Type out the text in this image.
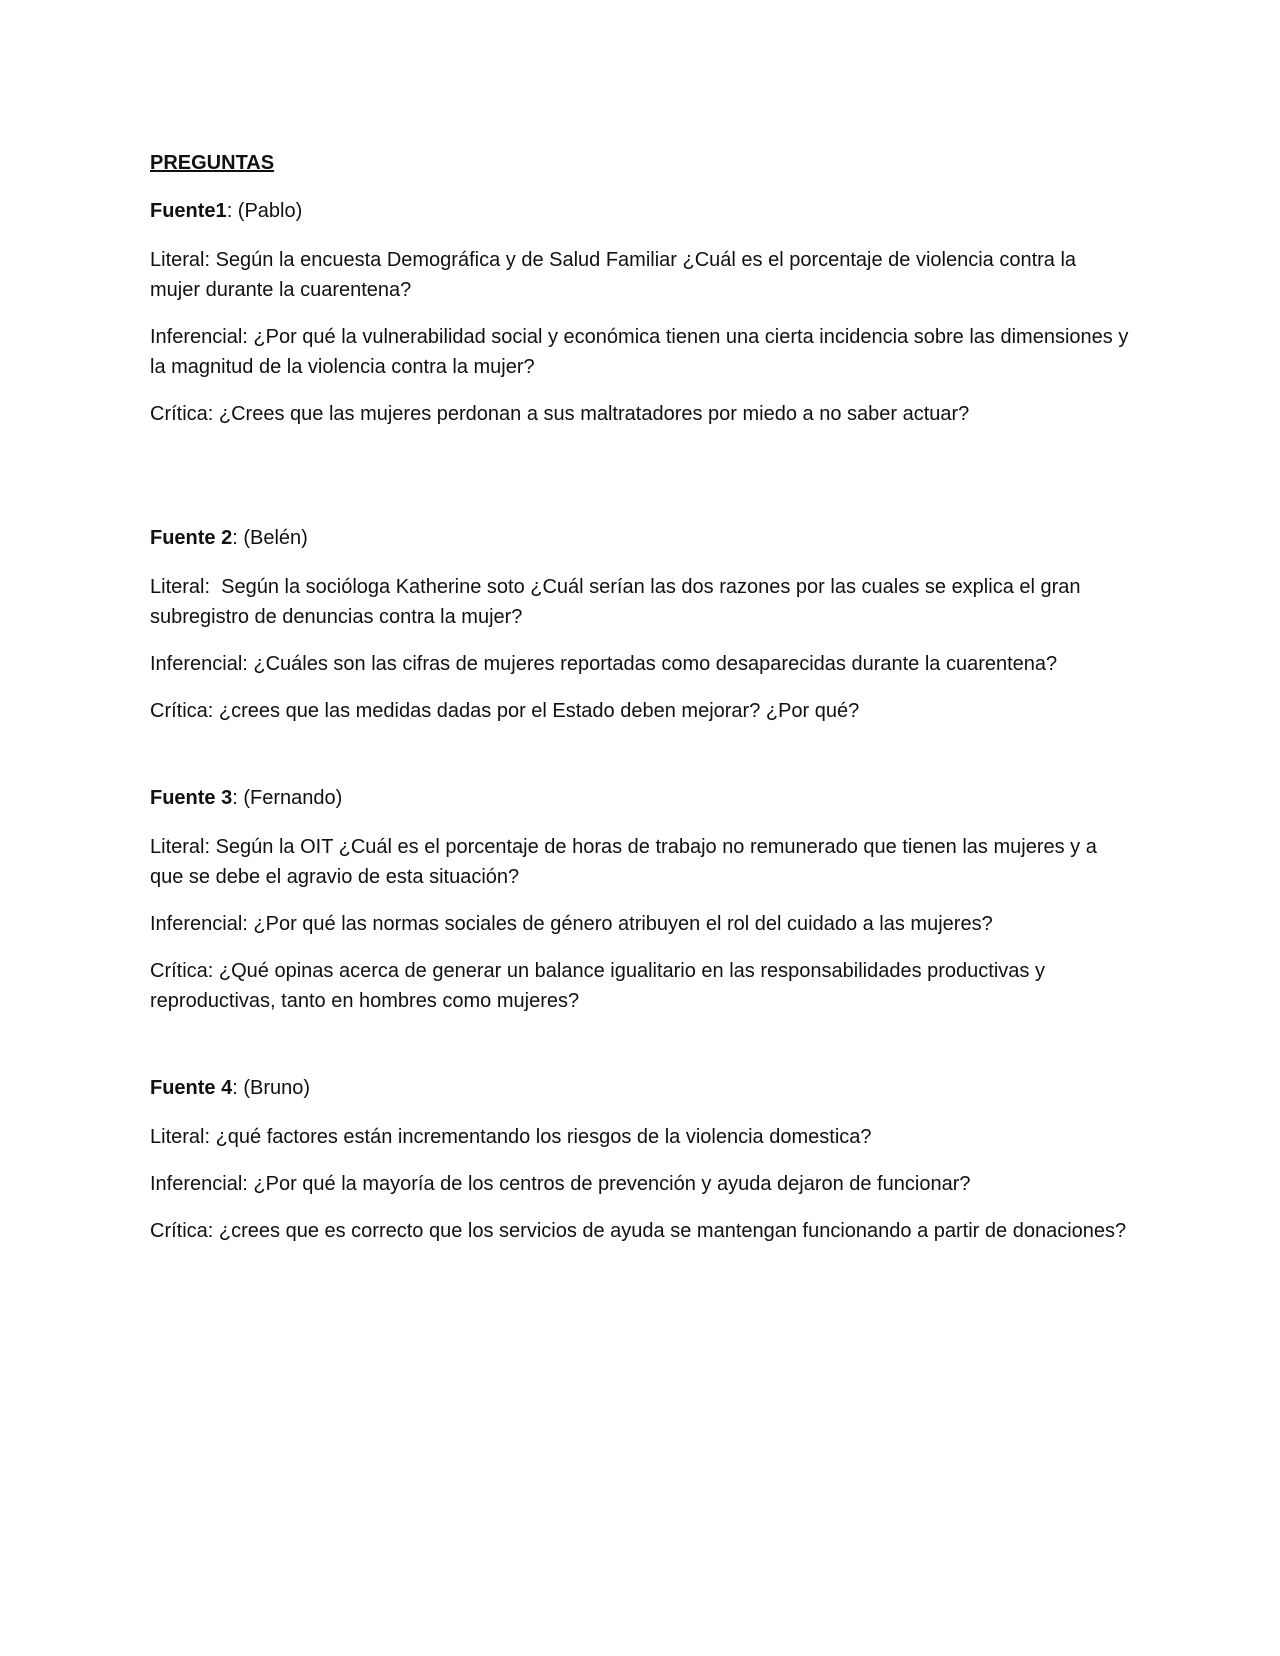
PREGUNTAS
Fuente1: (Pablo)
Literal: Según la encuesta Demográfica y de Salud Familiar ¿Cuál es el porcentaje de violencia contra la mujer durante la cuarentena?
Inferencial: ¿Por qué la vulnerabilidad social y económica tienen una cierta incidencia sobre las dimensiones y la magnitud de la violencia contra la mujer?
Crítica: ¿Crees que las mujeres perdonan a sus maltratadores por miedo a no saber actuar?
Fuente 2: (Belén)
Literal:  Según la socióloga Katherine soto ¿Cuál serían las dos razones por las cuales se explica el gran subregistro de denuncias contra la mujer?
Inferencial: ¿Cuáles son las cifras de mujeres reportadas como desaparecidas durante la cuarentena?
Crítica: ¿crees que las medidas dadas por el Estado deben mejorar? ¿Por qué?
Fuente 3: (Fernando)
Literal: Según la OIT ¿Cuál es el porcentaje de horas de trabajo no remunerado que tienen las mujeres y a que se debe el agravio de esta situación?
Inferencial: ¿Por qué las normas sociales de género atribuyen el rol del cuidado a las mujeres?
Crítica: ¿Qué opinas acerca de generar un balance igualitario en las responsabilidades productivas y reproductivas, tanto en hombres como mujeres?
Fuente 4: (Bruno)
Literal: ¿qué factores están incrementando los riesgos de la violencia domestica?
Inferencial: ¿Por qué la mayoría de los centros de prevención y ayuda dejaron de funcionar?
Crítica: ¿crees que es correcto que los servicios de ayuda se mantengan funcionando a partir de donaciones?
